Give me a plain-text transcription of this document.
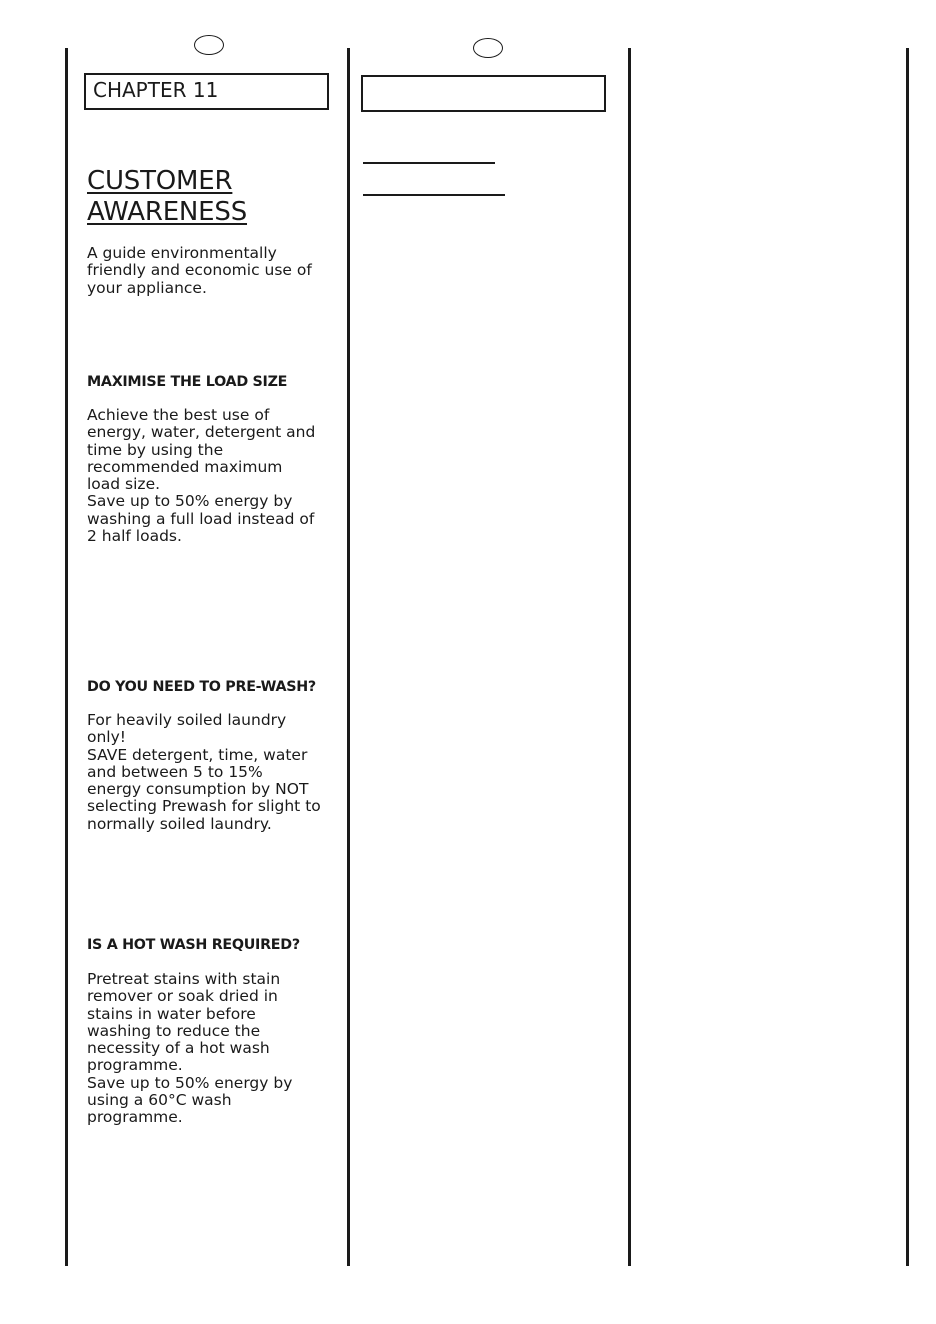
CHAPTER 11
CUSTOMER
AWARENESS
A guide environmentally
friendly and economic use of
your appliance.
MAXIMISE THE LOAD SIZE
Achieve the best use of
energy, water, detergent and
time by using the
recommended maximum
load size.
Save up to 50% energy by
washing a full load instead of
2 half loads.
DO YOU NEED TO PRE-WASH?
For heavily soiled laundry
only!
SAVE detergent, time, water
and between 5 to 15%
energy consumption by NOT
selecting Prewash for slight to
normally soiled laundry.
IS A HOT WASH REQUIRED?
Pretreat stains with stain
remover or soak dried in
stains in water before
washing to reduce the
necessity of a hot wash
programme.
Save up to 50% energy by
using a 60°C wash
programme.
